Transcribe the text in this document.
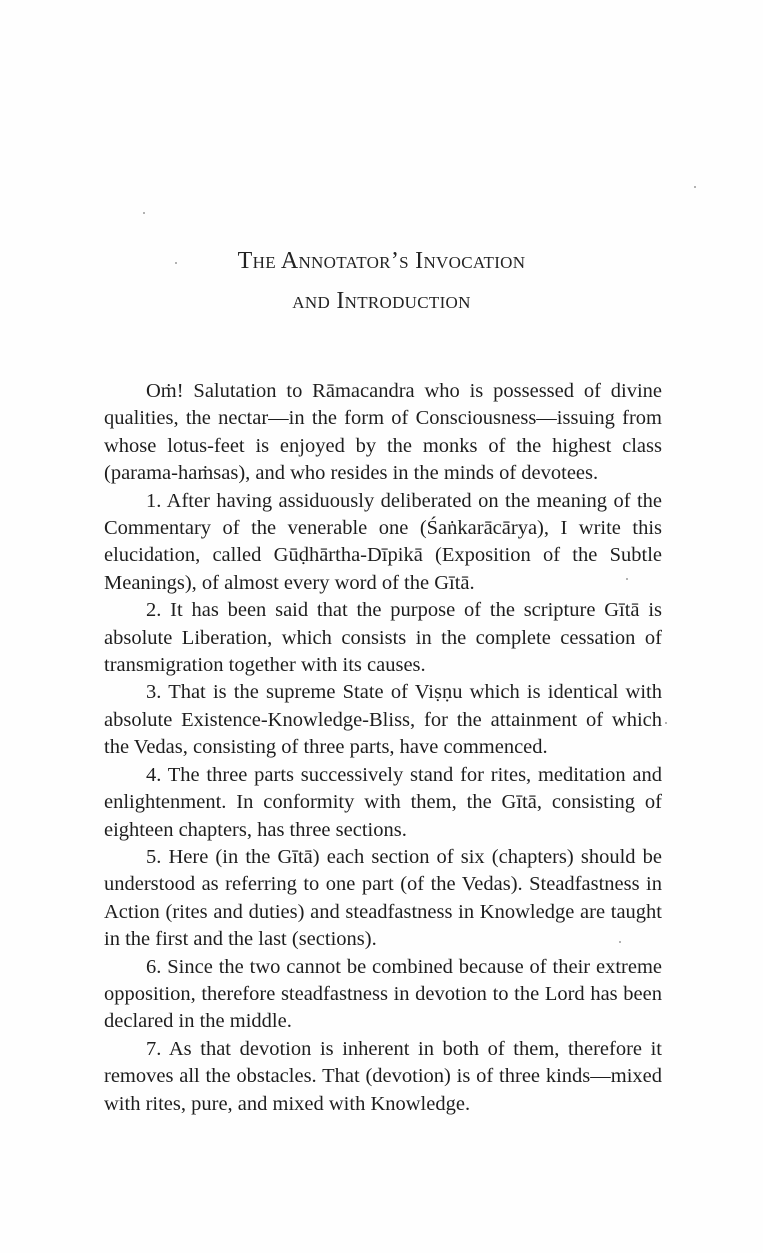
The Annotator’s Invocation
and Introduction

Oṁ! Salutation to Rāmacandra who is possessed of divine qualities, the nectar—in the form of Consciousness—issuing from whose lotus-feet is enjoyed by the monks of the highest class (parama-haṁsas), and who resides in the minds of devotees.

1. After having assiduously deliberated on the meaning of the Commentary of the venerable one (Śaṅkarācārya), I write this elucidation, called Gūḍhārtha-Dīpikā (Exposition of the Subtle Meanings), of almost every word of the Gītā.

2. It has been said that the purpose of the scripture Gītā is absolute Liberation, which consists in the complete cessation of transmigration together with its causes.

3. That is the supreme State of Viṣṇu which is identical with absolute Existence-Knowledge-Bliss, for the attainment of which the Vedas, consisting of three parts, have commenced.

4. The three parts successively stand for rites, meditation and enlightenment. In conformity with them, the Gītā, consisting of eighteen chapters, has three sections.

5. Here (in the Gītā) each section of six (chapters) should be understood as referring to one part (of the Vedas). Steadfastness in Action (rites and duties) and steadfastness in Knowledge are taught in the first and the last (sections).

6. Since the two cannot be combined because of their extreme opposition, therefore steadfastness in devotion to the Lord has been declared in the middle.

7. As that devotion is inherent in both of them, therefore it removes all the obstacles. That (devotion) is of three kinds—mixed with rites, pure, and mixed with Knowledge.
